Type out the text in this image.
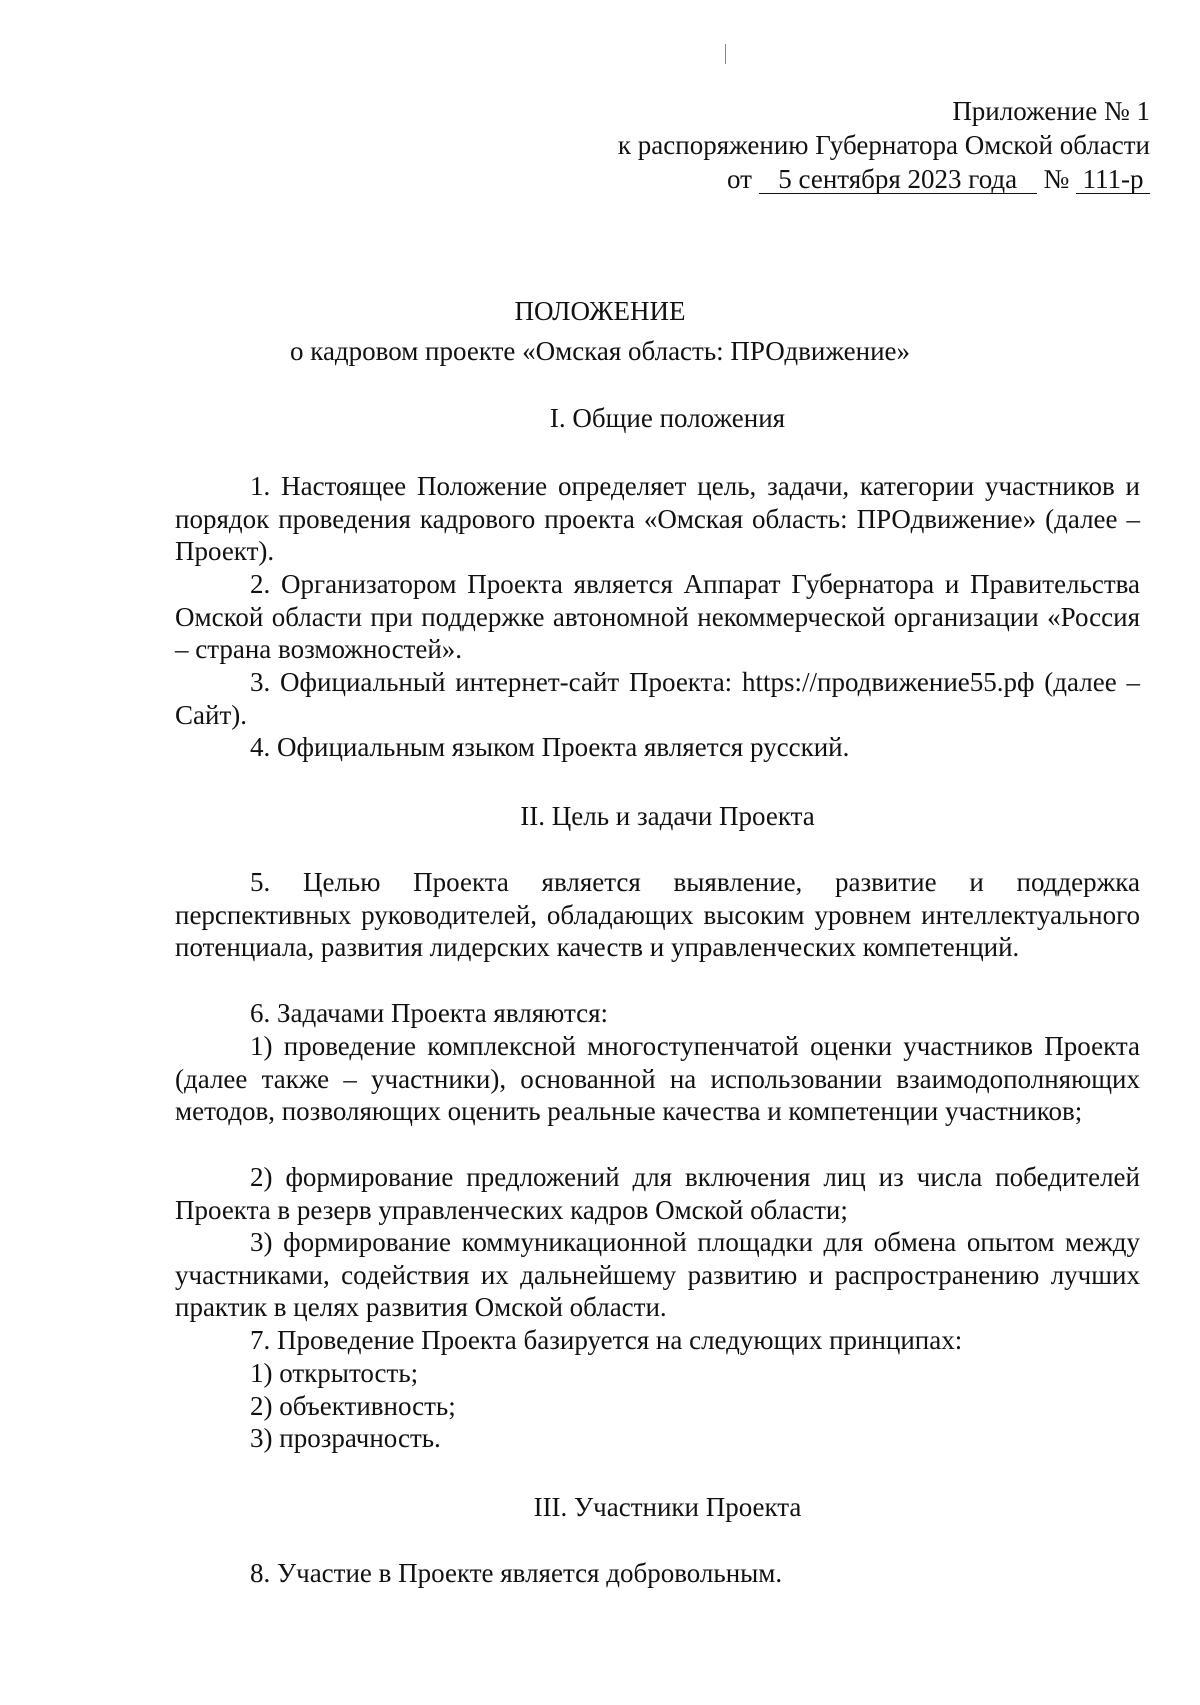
Приложение № 1
к распоряжению Губернатора Омской области
от 5 сентября 2023 года № 111-р
ПОЛОЖЕНИЕ
о кадровом проекте «Омская область: ПРОдвижение»
I. Общие положения

1. Настоящее Положение определяет цель, задачи, категории участников и порядок проведения кадрового проекта «Омская область: ПРОдвижение» (далее – Проект).

2. Организатором Проекта является Аппарат Губернатора и Правительства Омской области при поддержке автономной некоммерческой организации «Россия – страна возможностей».

3. Официальный интернет-сайт Проекта: https://продвижение55.рф (далее – Сайт).

4. Официальным языком Проекта является русский.

II. Цель и задачи Проекта

5. Целью Проекта является выявление, развитие и поддержка перспективных руководителей, обладающих высоким уровнем интеллектуального потенциала, развития лидерских качеств и управленческих компетенций.

6. Задачами Проекта являются:

1) проведение комплексной многоступенчатой оценки участников Проекта (далее также – участники), основанной на использовании взаимодополняющих методов, позволяющих оценить реальные качества и компетенции участников;

2) формирование предложений для включения лиц из числа победителей Проекта в резерв управленческих кадров Омской области;

3) формирование коммуникационной площадки для обмена опытом между участниками, содействия их дальнейшему развитию и распространению лучших практик в целях развития Омской области.

7. Проведение Проекта базируется на следующих принципах:

1) открытость;

2) объективность;

3) прозрачность.

III. Участники Проекта

8. Участие в Проекте является добровольным.
